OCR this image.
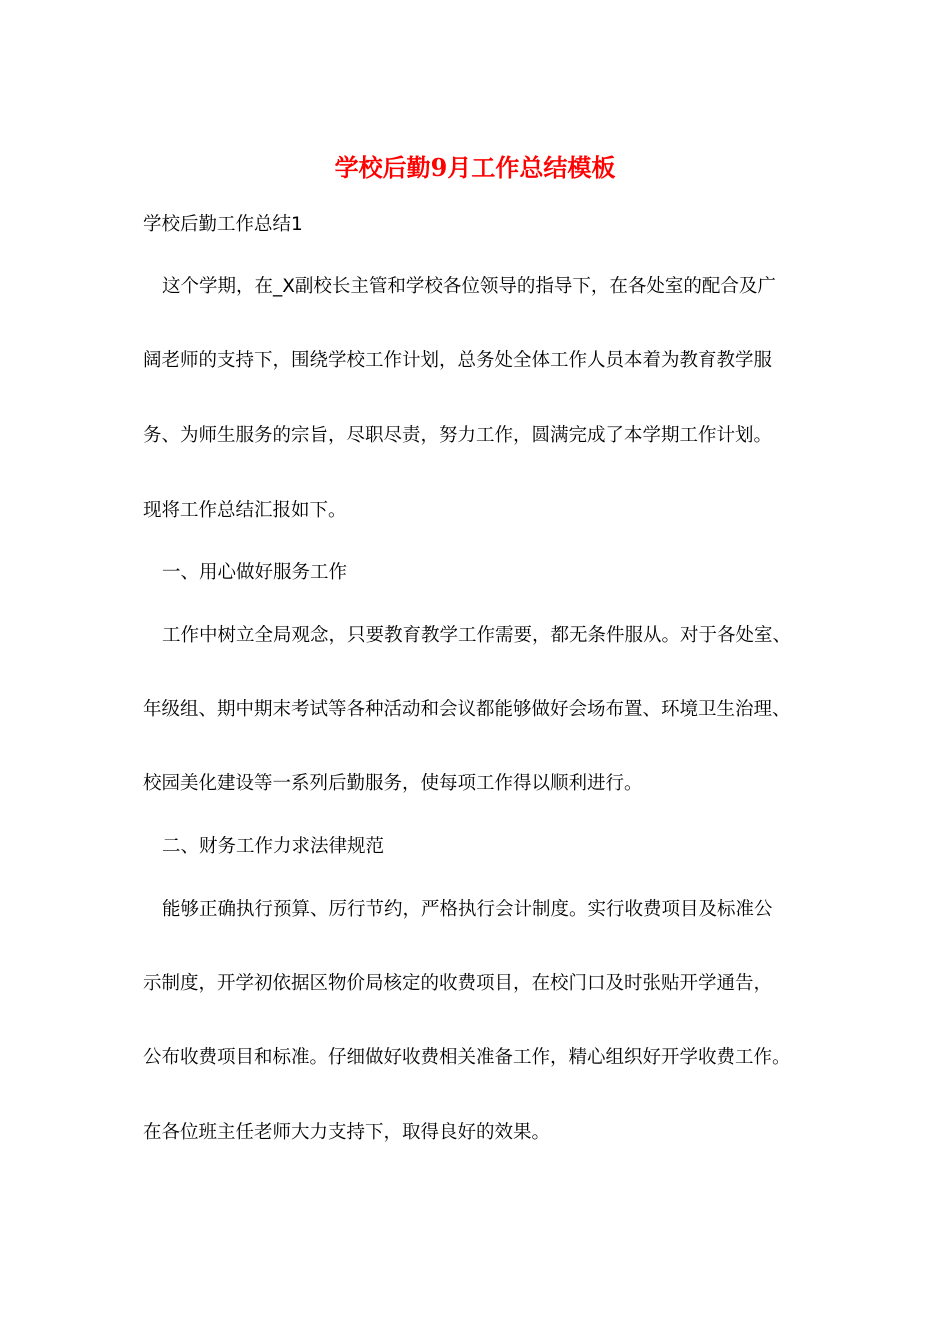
学校后勤9月工作总结模板
学校后勤工作总结1
这个学期，在_X副校长主管和学校各位领导的指导下，在各处室的配合及广
阔老师的支持下，围绕学校工作计划，总务处全体工作人员本着为教育教学服
务、为师生服务的宗旨，尽职尽责，努力工作，圆满完成了本学期工作计划。
现将工作总结汇报如下。
一、用心做好服务工作
工作中树立全局观念，只要教育教学工作需要，都无条件服从。对于各处室、
年级组、期中期末考试等各种活动和会议都能够做好会场布置、环境卫生治理、
校园美化建设等一系列后勤服务，使每项工作得以顺利进行。
二、财务工作力求法律规范
能够正确执行预算、厉行节约，严格执行会计制度。实行收费项目及标准公
示制度，开学初依据区物价局核定的收费项目，在校门口及时张贴开学通告，
公布收费项目和标准。仔细做好收费相关准备工作，精心组织好开学收费工作。
在各位班主任老师大力支持下，取得良好的效果。
